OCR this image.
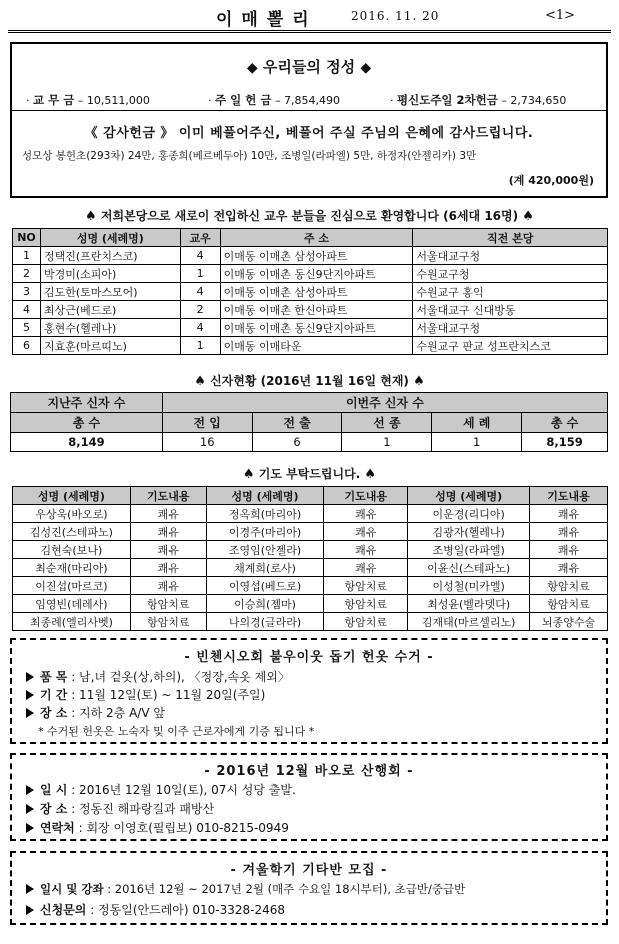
이매뽈리	2016. 11. 20	<1>
◆ 우리들의 정성 ◆
· 교 무 금 – 10,511,000	· 주 일 헌 금 – 7,854,490	· 평신도주일 2차헌금 – 2,734,650
《 감사헌금 》 이미 베풀어주신, 베풀어 주실 주님의 은혜에 감사드립니다.
성모상 봉헌초(293차) 24만, 홍종희(베르베두아) 10만, 조병일(라파엘) 5만, 하정자(안젤리카) 3만
(계 420,000원)
♠ 저희본당으로 새로이 전입하신 교우 분들을 진심으로 환영합니다 (6세대 16명) ♠
NO	성명 (세례명)	교우	주 소	직전 본당
1	정택진(프란치스코)	4	이매동 이매촌 삼성아파트	서울대교구청
2	박경미(소피아)	1	이매동 이매촌 동신9단지아파트	수원교구청
3	김도한(토마스모어)	4	이매동 이매촌 삼성아파트	수원교구 홍익
4	최상근(베드로)	2	이매동 이매촌 한신아파트	서울대교구 신대방동
5	홍현수(헬레나)	4	이매동 이매촌 동신9단지아파트	서울대교구청
6	지효훈(마르띠노)	1	이매동 이매타운	수원교구 판교 성프란치스코
♠ 신자현황 (2016년 11월 16일 현재) ♠
지난주 신자 수	이번주 신자 수				
총 수	전 입	전 출	선 종	세 례	총 수
8,149	16	6	1	1	8,159
♠ 기도 부탁드립니다. ♠
성명 (세례명)	기도내용	성명 (세례명)	기도내용	성명 (세례명)	기도내용
우상욱(바오로)	쾌유	정옥희(마리아)	쾌유	이운경(리디아)	쾌유
김성진(스테파노)	쾌유	이경주(마리아)	쾌유	김광자(헬레나)	쾌유
김현숙(보나)	쾌유	조영임(안젤라)	쾌유	조병일(라파엘)	쾌유
최순재(마리아)	쾌유	채계희(로사)	쾌유	이윤신(스테파노)	쾌유
이진섭(마르코)	쾌유	이영섭(베드로)	항암치료	이성철(미카엘)	항암치료
임영빈(데레사)	항암치료	이승희(젬마)	항암치료	최성윤(벨라뎃다)	항암치료
최종례(엘리사벳)	항암치료	나의경(글라라)	항암치료	김재태(마르셀리노)	뇌종양수술
- 빈첸시오회 불우이웃 돕기 헌옷 수거 -
품 목 : 남,녀 겉옷(상,하의), 〈정장,속옷 제외〉
기 간 : 11월 12일(토) ~ 11월 20일(주일)
장 소 : 지하 2층 A/V 앞
* 수거된 헌옷은 노숙자 및 이주 근로자에게 기증 됩니다 *
- 2016년 12월 바오로 산행회 -
일 시 : 2016년 12월 10일(토), 07시 성당 출발.
장 소 : 정동진 해파랑길과 패방산
연락처 : 회장 이영호(필립보) 010-8215-0949
- 겨울학기 기타반 모집 -
일시 및 강좌 : 2016년 12월 ~ 2017년 2월 (매주 수요일 18시부터), 초급반/중급반
신청문의 : 정동일(안드레아) 010-3328-2468
